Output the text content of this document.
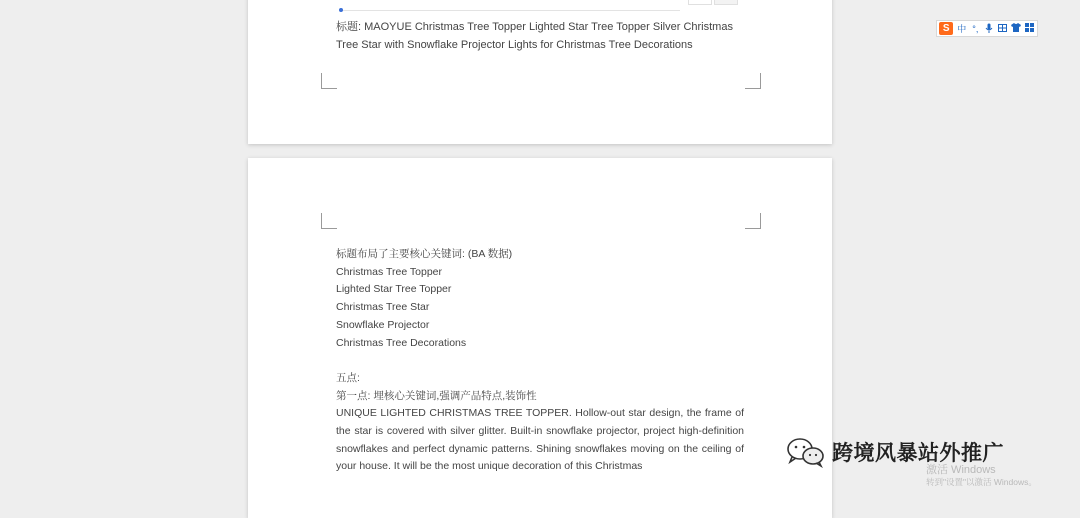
标题: MAOYUE Christmas Tree Topper Lighted Star Tree Topper Silver Christmas Tree Star with Snowflake Projector Lights for Christmas Tree Decorations

标题布局了主要核心关键词: (BA 数据)

Christmas Tree Topper

Lighted Star Tree Topper

Christmas Tree Star

Snowflake Projector

Christmas Tree Decorations

五点:

第一点: 埋核心关键词,强调产品特点,装饰性

UNIQUE LIGHTED CHRISTMAS TREE TOPPER. Hollow-out star design, the frame of the star is covered with silver glitter. Built-in snowflake projector, project high-definition snowflakes and perfect dynamic patterns. Shining snowflakes moving on the ceiling of your house. It will be the most unique decoration of this Christmas

S 中 °,
跨境风暴站外推广
激活 Windows
转到"设置"以激活 Windows。
